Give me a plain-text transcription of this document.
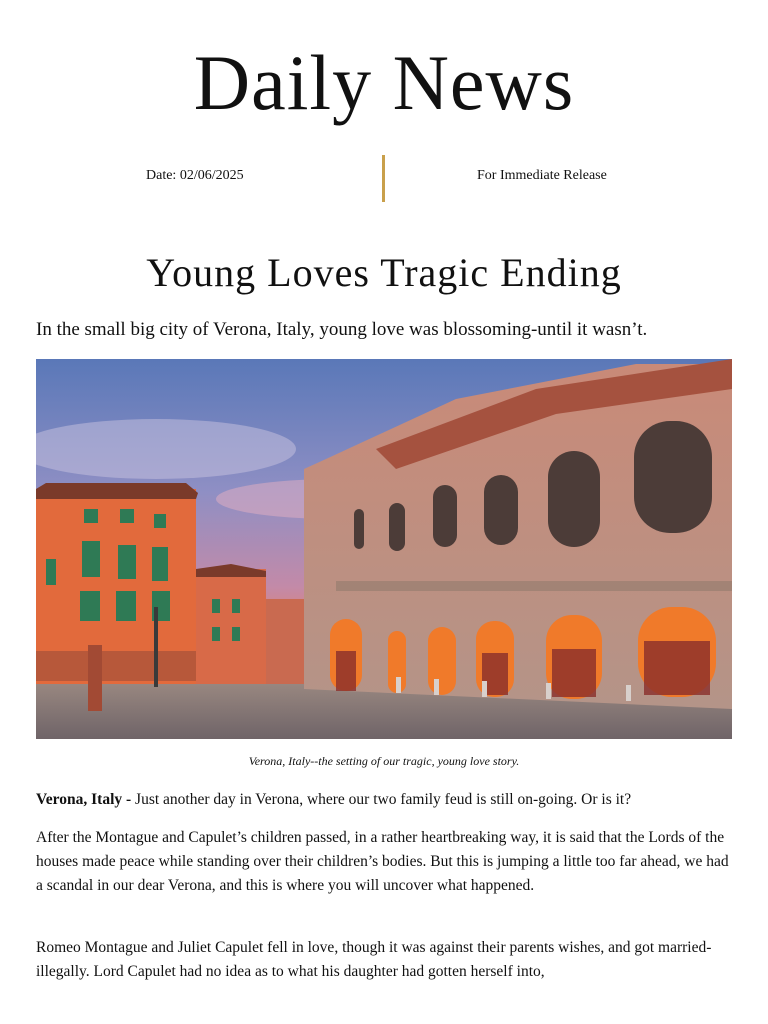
Daily News
Date: 02/06/2025	For Immediate Release
Young Loves Tragic Ending
In the small big city of Verona, Italy, young love was blossoming-until it wasn’t.
Verona, Italy--the setting of our tragic, young love story.
Verona, Italy - Just another day in Verona, where our two family feud is still on-going. Or is it?
After the Montague and Capulet’s children passed, in a rather heartbreaking way, it is said that the Lords of the houses made peace while standing over their children’s bodies. But this is jumping a little too far ahead, we had a scandal in our dear Verona, and this is where you will uncover what happened.
Romeo Montague and Juliet Capulet fell in love, though it was against their parents wishes, and got married- illegally. Lord Capulet had no idea as to what his daughter had gotten herself into,
